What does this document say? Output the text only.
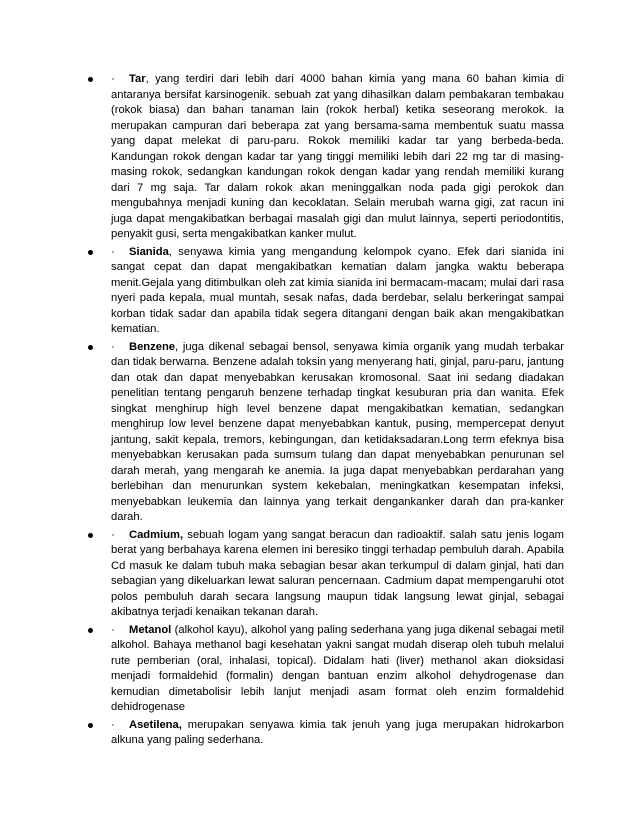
· Tar, yang terdiri dari lebih dari 4000 bahan kimia yang mana 60 bahan kimia di antaranya bersifat karsinogenik. sebuah zat yang dihasilkan dalam pembakaran tembakau (rokok biasa) dan bahan tanaman lain (rokok herbal) ketika seseorang merokok. Ia merupakan campuran dari beberapa zat yang bersama-sama membentuk suatu massa yang dapat melekat di paru-paru. Rokok memiliki kadar tar yang berbeda-beda. Kandungan rokok dengan kadar tar yang tinggi memiliki lebih dari 22 mg tar di masing-masing rokok, sedangkan kandungan rokok dengan kadar yang rendah memiliki kurang dari 7 mg saja. Tar dalam rokok akan meninggalkan noda pada gigi perokok dan mengubahnya menjadi kuning dan kecoklatan. Selain merubah warna gigi, zat racun ini juga dapat mengakibatkan berbagai masalah gigi dan mulut lainnya, seperti periodontitis, penyakit gusi, serta mengakibatkan kanker mulut.
· Sianida, senyawa kimia yang mengandung kelompok cyano. Efek dari sianida ini sangat cepat dan dapat mengakibatkan kematian dalam jangka waktu beberapa menit.Gejala yang ditimbulkan oleh zat kimia sianida ini bermacam-macam; mulai dari rasa nyeri pada kepala, mual muntah, sesak nafas, dada berdebar, selalu berkeringat sampai korban tidak sadar dan apabila tidak segera ditangani dengan baik akan mengakibatkan kematian.
· Benzene, juga dikenal sebagai bensol, senyawa kimia organik yang mudah terbakar dan tidak berwarna. Benzene adalah toksin yang menyerang hati, ginjal, paru-paru, jantung dan otak dan dapat menyebabkan kerusakan kromosonal. Saat ini sedang diadakan penelitian tentang pengaruh benzene terhadap tingkat kesuburan pria dan wanita. Efek singkat menghirup high level benzene dapat mengakibatkan kematian, sedangkan menghirup low level benzene dapat menyebabkan kantuk, pusing, mempercepat denyut jantung, sakit kepala, tremors, kebingungan, dan ketidaksadaran.Long term efeknya bisa menyebabkan kerusakan pada sumsum tulang dan dapat menyebabkan penurunan sel darah merah, yang mengarah ke anemia. Ia juga dapat menyebabkan perdarahan yang berlebihan dan menurunkan system kekebalan, meningkatkan kesempatan infeksi, menyebabkan leukemia dan lainnya yang terkait dengankanker darah dan pra-kanker darah.
· Cadmium, sebuah logam yang sangat beracun dan radioaktif. salah satu jenis logam berat yang berbahaya karena elemen ini beresiko tinggi terhadap pembuluh darah. Apabila Cd masuk ke dalam tubuh maka sebagian besar akan terkumpul di dalam ginjal, hati dan sebagian yang dikeluarkan lewat saluran pencernaan. Cadmium dapat mempengaruhi otot polos pembuluh darah secara langsung maupun tidak langsung lewat ginjal, sebagai akibatnya terjadi kenaikan tekanan darah.
· Metanol (alkohol kayu), alkohol yang paling sederhana yang juga dikenal sebagai metil alkohol. Bahaya methanol bagi kesehatan yakni sangat mudah diserap oleh tubuh melalui rute pemberian (oral, inhalasi, topical). Didalam hati (liver) methanol akan dioksidasi menjadi formaldehid (formalin) dengan bantuan enzim alkohol dehydrogenase dan kemudian dimetabolisir lebih lanjut menjadi asam format oleh enzim formaldehid dehidrogenase
· Asetilena, merupakan senyawa kimia tak jenuh yang juga merupakan hidrokarbon alkuna yang paling sederhana.
